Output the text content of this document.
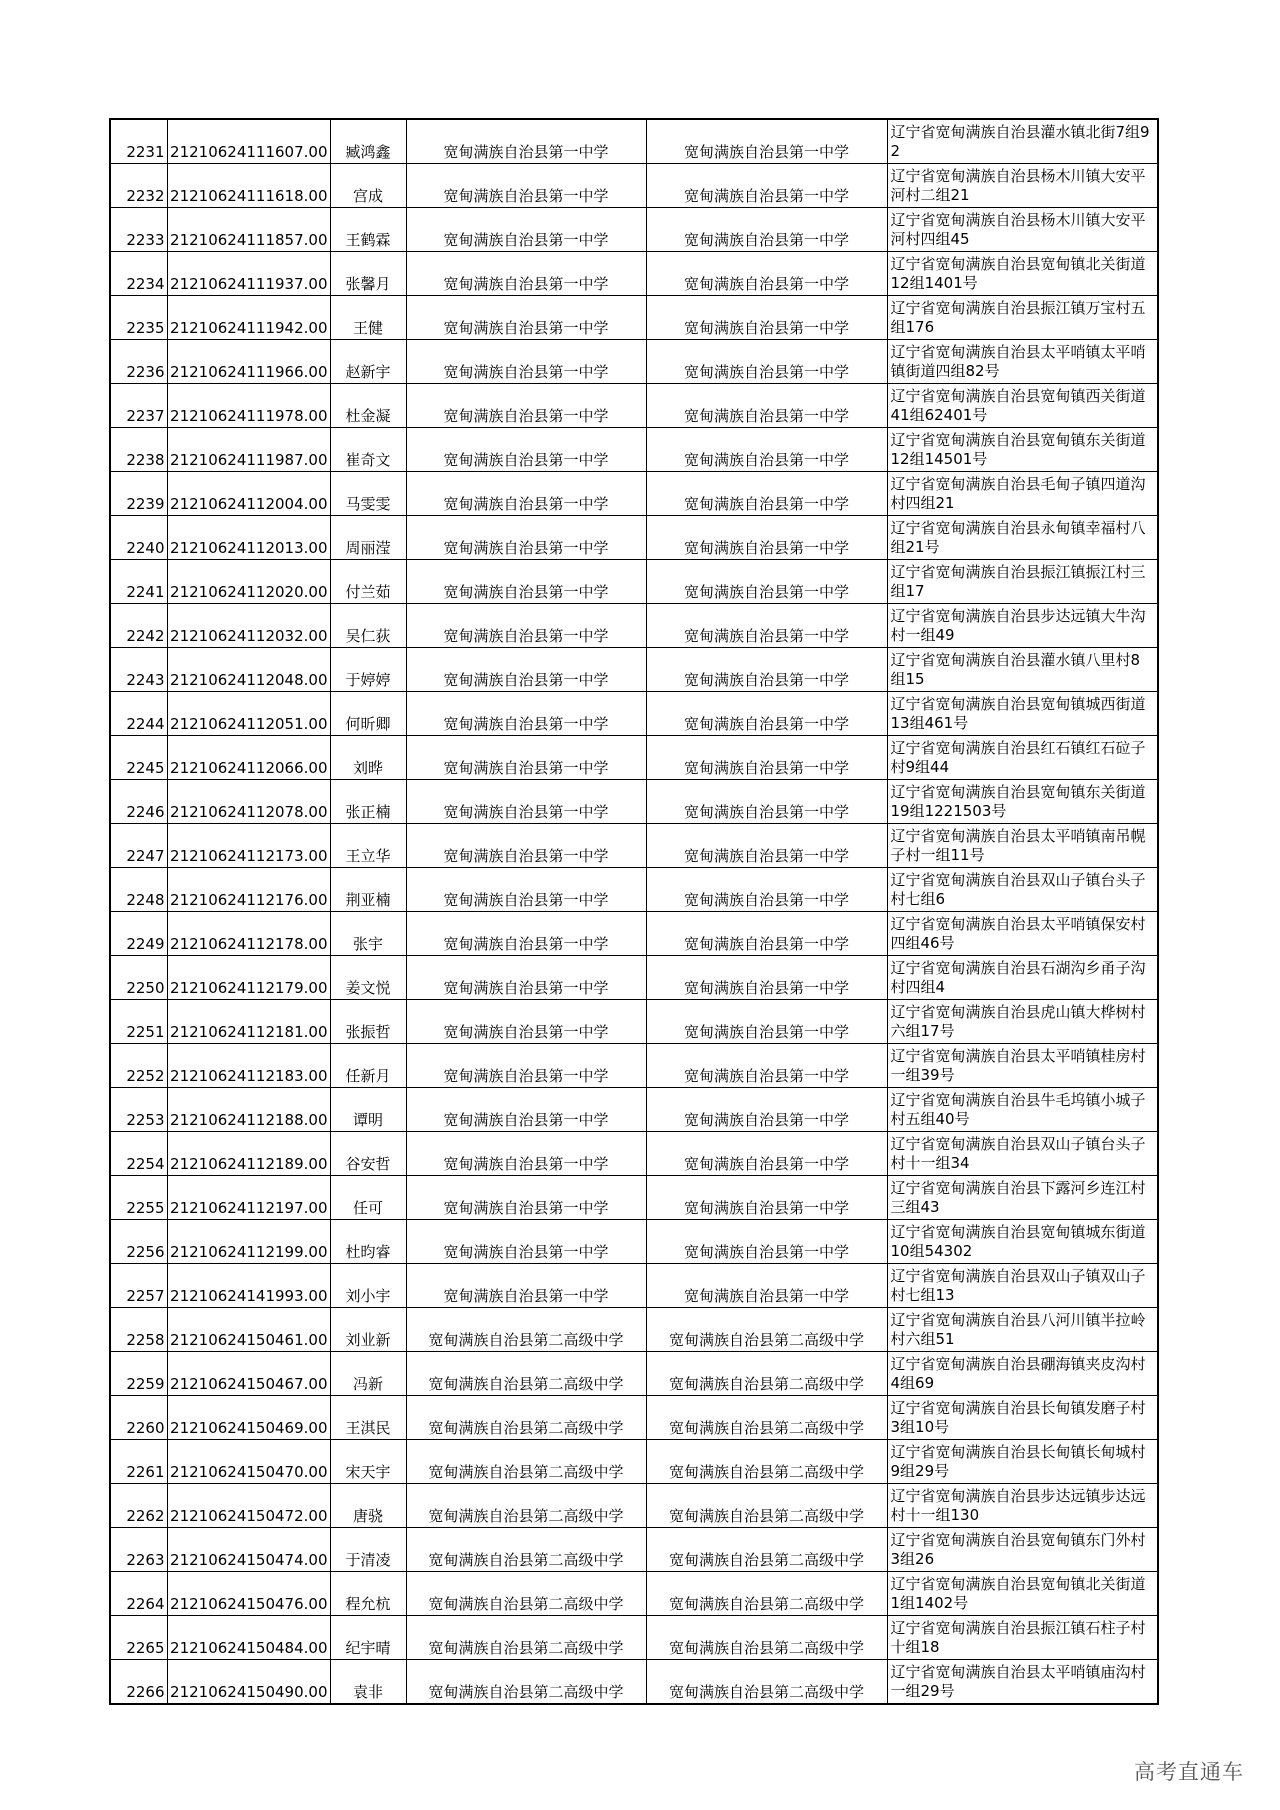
2231	21210624111607.00	臧鸿鑫	宽甸满族自治县第一中学	宽甸满族自治县第一中学	辽宁省宽甸满族自治县灌水镇北街7组92
2232	21210624111618.00	宫成	宽甸满族自治县第一中学	宽甸满族自治县第一中学	辽宁省宽甸满族自治县杨木川镇大安平河村二组21
2233	21210624111857.00	王鹤霖	宽甸满族自治县第一中学	宽甸满族自治县第一中学	辽宁省宽甸满族自治县杨木川镇大安平河村四组45
2234	21210624111937.00	张馨月	宽甸满族自治县第一中学	宽甸满族自治县第一中学	辽宁省宽甸满族自治县宽甸镇北关街道12组1401号
2235	21210624111942.00	王健	宽甸满族自治县第一中学	宽甸满族自治县第一中学	辽宁省宽甸满族自治县振江镇万宝村五组176
2236	21210624111966.00	赵新宇	宽甸满族自治县第一中学	宽甸满族自治县第一中学	辽宁省宽甸满族自治县太平哨镇太平哨镇街道四组82号
2237	21210624111978.00	杜金凝	宽甸满族自治县第一中学	宽甸满族自治县第一中学	辽宁省宽甸满族自治县宽甸镇西关街道41组62401号
2238	21210624111987.00	崔奇文	宽甸满族自治县第一中学	宽甸满族自治县第一中学	辽宁省宽甸满族自治县宽甸镇东关街道12组14501号
2239	21210624112004.00	马雯雯	宽甸满族自治县第一中学	宽甸满族自治县第一中学	辽宁省宽甸满族自治县毛甸子镇四道沟村四组21
2240	21210624112013.00	周丽滢	宽甸满族自治县第一中学	宽甸满族自治县第一中学	辽宁省宽甸满族自治县永甸镇幸福村八组21号
2241	21210624112020.00	付兰茹	宽甸满族自治县第一中学	宽甸满族自治县第一中学	辽宁省宽甸满族自治县振江镇振江村三组17
2242	21210624112032.00	吴仁荻	宽甸满族自治县第一中学	宽甸满族自治县第一中学	辽宁省宽甸满族自治县步达远镇大牛沟村一组49
2243	21210624112048.00	于婷婷	宽甸满族自治县第一中学	宽甸满族自治县第一中学	辽宁省宽甸满族自治县灌水镇八里村8组15
2244	21210624112051.00	何昕卿	宽甸满族自治县第一中学	宽甸满族自治县第一中学	辽宁省宽甸满族自治县宽甸镇城西街道13组461号
2245	21210624112066.00	刘晔	宽甸满族自治县第一中学	宽甸满族自治县第一中学	辽宁省宽甸满族自治县红石镇红石砬子村9组44
2246	21210624112078.00	张正楠	宽甸满族自治县第一中学	宽甸满族自治县第一中学	辽宁省宽甸满族自治县宽甸镇东关街道19组1221503号
2247	21210624112173.00	王立华	宽甸满族自治县第一中学	宽甸满族自治县第一中学	辽宁省宽甸满族自治县太平哨镇南吊幌子村一组11号
2248	21210624112176.00	荆亚楠	宽甸满族自治县第一中学	宽甸满族自治县第一中学	辽宁省宽甸满族自治县双山子镇台头子村七组6
2249	21210624112178.00	张宇	宽甸满族自治县第一中学	宽甸满族自治县第一中学	辽宁省宽甸满族自治县太平哨镇保安村四组46号
2250	21210624112179.00	姜文悦	宽甸满族自治县第一中学	宽甸满族自治县第一中学	辽宁省宽甸满族自治县石湖沟乡甬子沟村四组4
2251	21210624112181.00	张振哲	宽甸满族自治县第一中学	宽甸满族自治县第一中学	辽宁省宽甸满族自治县虎山镇大桦树村六组17号
2252	21210624112183.00	任新月	宽甸满族自治县第一中学	宽甸满族自治县第一中学	辽宁省宽甸满族自治县太平哨镇桂房村一组39号
2253	21210624112188.00	谭明	宽甸满族自治县第一中学	宽甸满族自治县第一中学	辽宁省宽甸满族自治县牛毛坞镇小城子村五组40号
2254	21210624112189.00	谷安哲	宽甸满族自治县第一中学	宽甸满族自治县第一中学	辽宁省宽甸满族自治县双山子镇台头子村十一组34
2255	21210624112197.00	任可	宽甸满族自治县第一中学	宽甸满族自治县第一中学	辽宁省宽甸满族自治县下露河乡连江村三组43
2256	21210624112199.00	杜昀睿	宽甸满族自治县第一中学	宽甸满族自治县第一中学	辽宁省宽甸满族自治县宽甸镇城东街道10组54302
2257	21210624141993.00	刘小宇	宽甸满族自治县第一中学	宽甸满族自治县第一中学	辽宁省宽甸满族自治县双山子镇双山子村七组13
2258	21210624150461.00	刘业新	宽甸满族自治县第二高级中学	宽甸满族自治县第二高级中学	辽宁省宽甸满族自治县八河川镇半拉岭村六组51
2259	21210624150467.00	冯新	宽甸满族自治县第二高级中学	宽甸满族自治县第二高级中学	辽宁省宽甸满族自治县硼海镇夹皮沟村4组69
2260	21210624150469.00	王淇民	宽甸满族自治县第二高级中学	宽甸满族自治县第二高级中学	辽宁省宽甸满族自治县长甸镇发磨子村3组10号
2261	21210624150470.00	宋天宇	宽甸满族自治县第二高级中学	宽甸满族自治县第二高级中学	辽宁省宽甸满族自治县长甸镇长甸城村9组29号
2262	21210624150472.00	唐骁	宽甸满族自治县第二高级中学	宽甸满族自治县第二高级中学	辽宁省宽甸满族自治县步达远镇步达远村十一组130
2263	21210624150474.00	于清凌	宽甸满族自治县第二高级中学	宽甸满族自治县第二高级中学	辽宁省宽甸满族自治县宽甸镇东门外村3组26
2264	21210624150476.00	程允杭	宽甸满族自治县第二高级中学	宽甸满族自治县第二高级中学	辽宁省宽甸满族自治县宽甸镇北关街道1组1402号
2265	21210624150484.00	纪宇晴	宽甸满族自治县第二高级中学	宽甸满族自治县第二高级中学	辽宁省宽甸满族自治县振江镇石柱子村十组18
2266	21210624150490.00	袁非	宽甸满族自治县第二高级中学	宽甸满族自治县第二高级中学	辽宁省宽甸满族自治县太平哨镇庙沟村一组29号
高考直通车
